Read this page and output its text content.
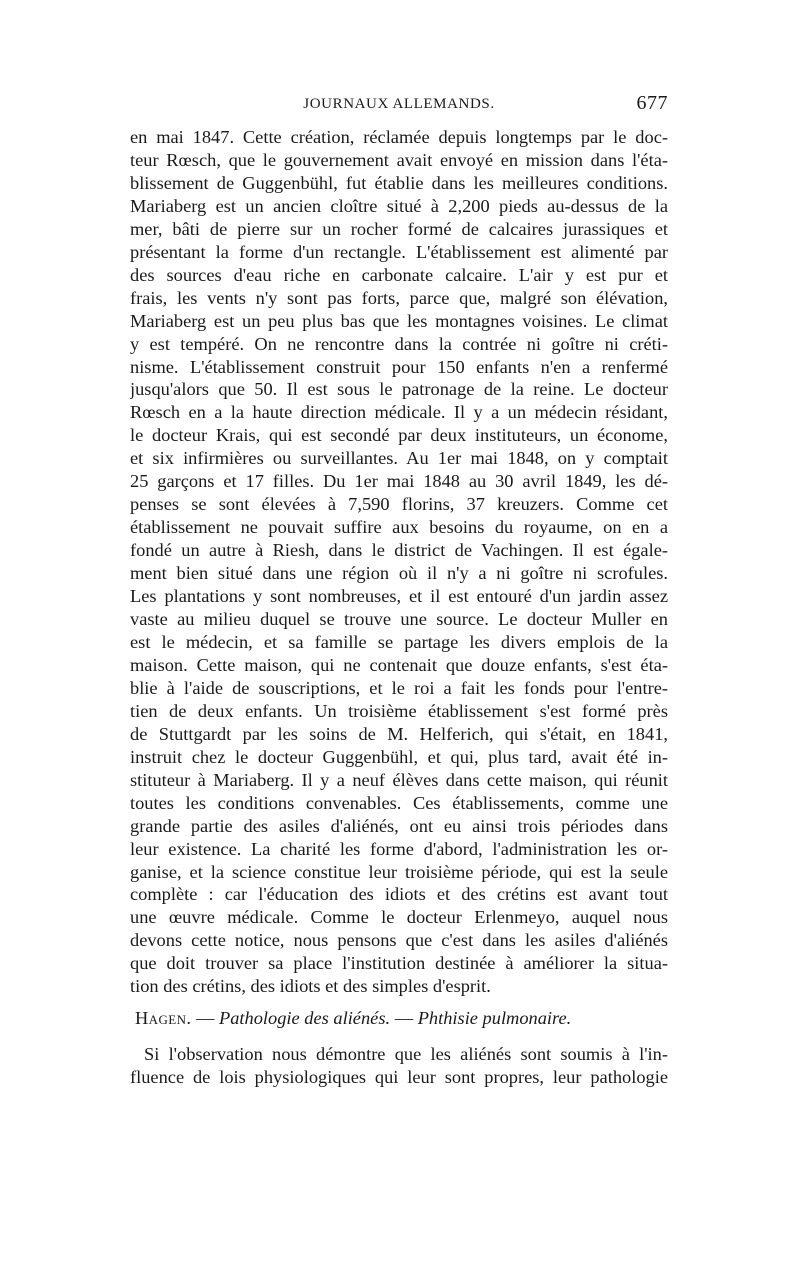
JOURNAUX ALLEMANDS.	677
en mai 1847. Cette création, réclamée depuis longtemps par le doc-
teur Rœsch, que le gouvernement avait envoyé en mission dans l'éta-
blissement de Guggenbühl, fut établie dans les meilleures conditions.
Mariaberg est un ancien cloître situé à 2,200 pieds au-dessus de la
mer, bâti de pierre sur un rocher formé de calcaires jurassiques et
présentant la forme d'un rectangle. L'établissement est alimenté par
des sources d'eau riche en carbonate calcaire. L'air y est pur et
frais, les vents n'y sont pas forts, parce que, malgré son élévation,
Mariaberg est un peu plus bas que les montagnes voisines. Le climat
y est tempéré. On ne rencontre dans la contrée ni goître ni créti-
nisme. L'établissement construit pour 150 enfants n'en a renfermé
jusqu'alors que 50. Il est sous le patronage de la reine. Le docteur
Rœsch en a la haute direction médicale. Il y a un médecin résidant,
le docteur Krais, qui est secondé par deux instituteurs, un économe,
et six infirmières ou surveillantes. Au 1er mai 1848, on y comptait
25 garçons et 17 filles. Du 1er mai 1848 au 30 avril 1849, les dé-
penses se sont élevées à 7,590 florins, 37 kreuzers. Comme cet
établissement ne pouvait suffire aux besoins du royaume, on en a
fondé un autre à Riesh, dans le district de Vachingen. Il est égale-
ment bien situé dans une région où il n'y a ni goître ni scrofules.
Les plantations y sont nombreuses, et il est entouré d'un jardin assez
vaste au milieu duquel se trouve une source. Le docteur Muller en
est le médecin, et sa famille se partage les divers emplois de la
maison. Cette maison, qui ne contenait que douze enfants, s'est éta-
blie à l'aide de souscriptions, et le roi a fait les fonds pour l'entre-
tien de deux enfants. Un troisième établissement s'est formé près
de Stuttgardt par les soins de M. Helferich, qui s'était, en 1841,
instruit chez le docteur Guggenbühl, et qui, plus tard, avait été in-
stituteur à Mariaberg. Il y a neuf élèves dans cette maison, qui réunit
toutes les conditions convenables. Ces établissements, comme une
grande partie des asiles d'aliénés, ont eu ainsi trois périodes dans
leur existence. La charité les forme d'abord, l'administration les or-
ganise, et la science constitue leur troisième période, qui est la seule
complète : car l'éducation des idiots et des crétins est avant tout
une œuvre médicale. Comme le docteur Erlenmeyo, auquel nous
devons cette notice, nous pensons que c'est dans les asiles d'aliénés
que doit trouver sa place l'institution destinée à améliorer la situa-
tion des crétins, des idiots et des simples d'esprit.
Hagen. — Pathologie des aliénés. — Phthisie pulmonaire.
Si l'observation nous démontre que les aliénés sont soumis à l'in-
fluence de lois physiologiques qui leur sont propres, leur pathologie
